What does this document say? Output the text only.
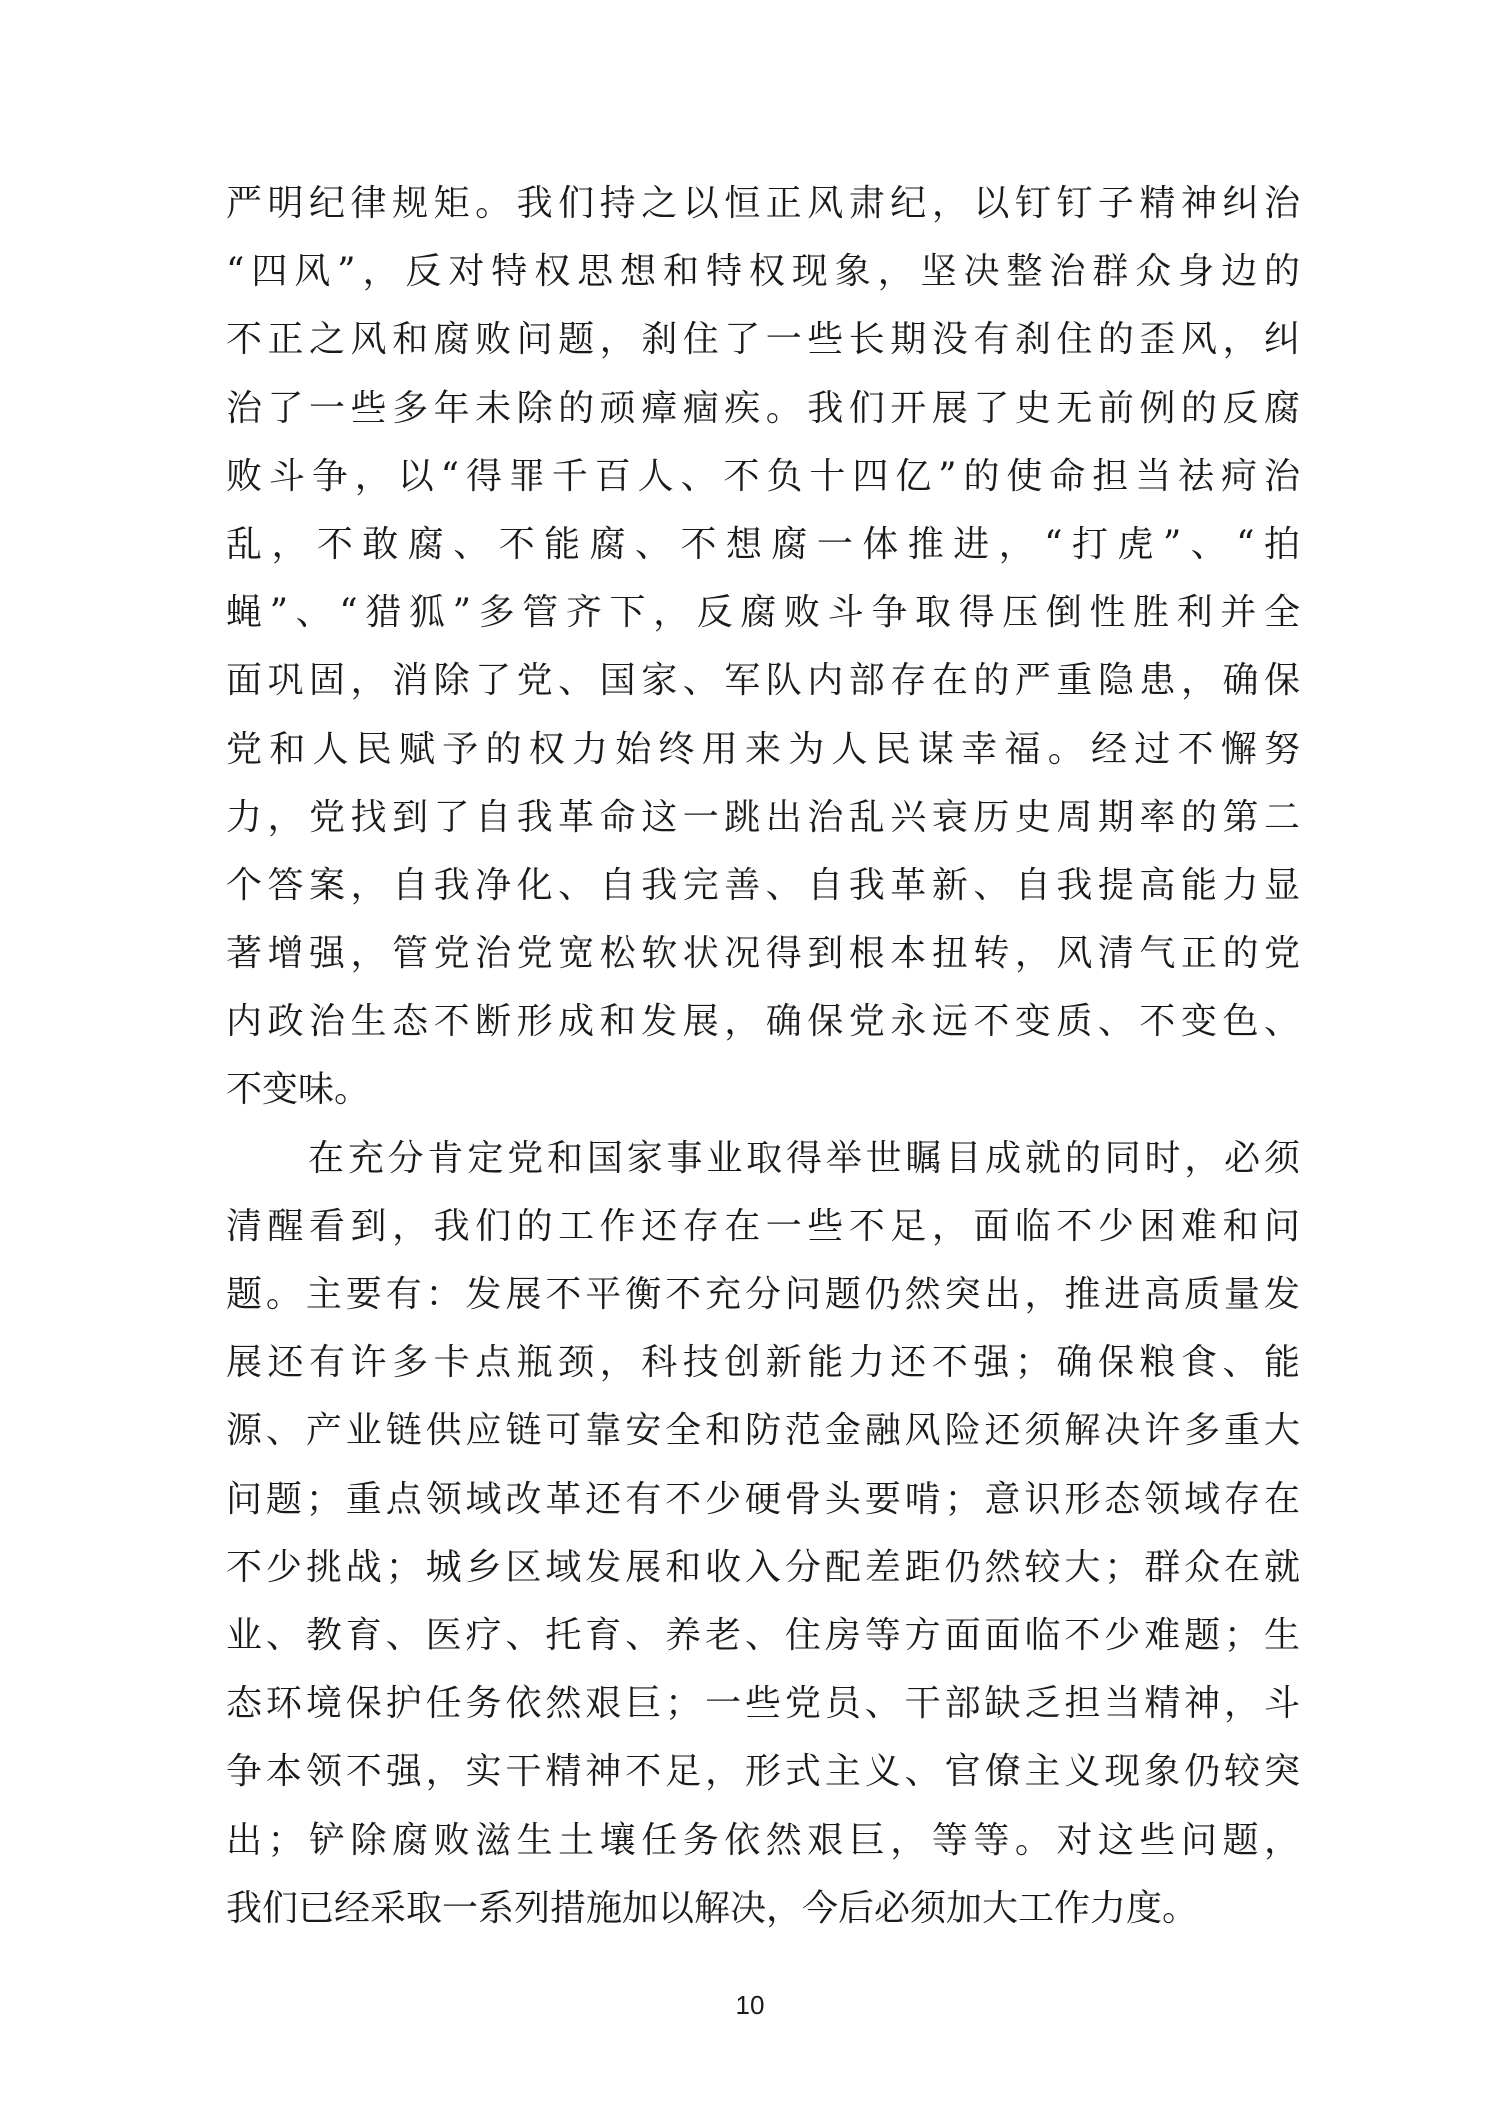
严明纪律规矩。我们持之以恒正风肃纪，以钉钉子精神纠治
“四风”，反对特权思想和特权现象，坚决整治群众身边的
不正之风和腐败问题，刹住了一些长期没有刹住的歪风，纠
治了一些多年未除的顽瘴痼疾。我们开展了史无前例的反腐
败斗争，以“得罪千百人、不负十四亿”的使命担当祛疴治
乱，不敢腐、不能腐、不想腐一体推进，“打虎”、“拍
蝇”、“猎狐”多管齐下，反腐败斗争取得压倒性胜利并全
面巩固，消除了党、国家、军队内部存在的严重隐患，确保
党和人民赋予的权力始终用来为人民谋幸福。经过不懈努
力，党找到了自我革命这一跳出治乱兴衰历史周期率的第二
个答案，自我净化、自我完善、自我革新、自我提高能力显
著增强，管党治党宽松软状况得到根本扭转，风清气正的党
内政治生态不断形成和发展，确保党永远不变质、不变色、
不变味。
在充分肯定党和国家事业取得举世瞩目成就的同时，必须
清醒看到，我们的工作还存在一些不足，面临不少困难和问
题。主要有：发展不平衡不充分问题仍然突出，推进高质量发
展还有许多卡点瓶颈，科技创新能力还不强；确保粮食、能
源、产业链供应链可靠安全和防范金融风险还须解决许多重大
问题；重点领域改革还有不少硬骨头要啃；意识形态领域存在
不少挑战；城乡区域发展和收入分配差距仍然较大；群众在就
业、教育、医疗、托育、养老、住房等方面面临不少难题；生
态环境保护任务依然艰巨；一些党员、干部缺乏担当精神，斗
争本领不强，实干精神不足，形式主义、官僚主义现象仍较突
出；铲除腐败滋生土壤任务依然艰巨，等等。对这些问题，
我们已经采取一系列措施加以解决，今后必须加大工作力度。
10
